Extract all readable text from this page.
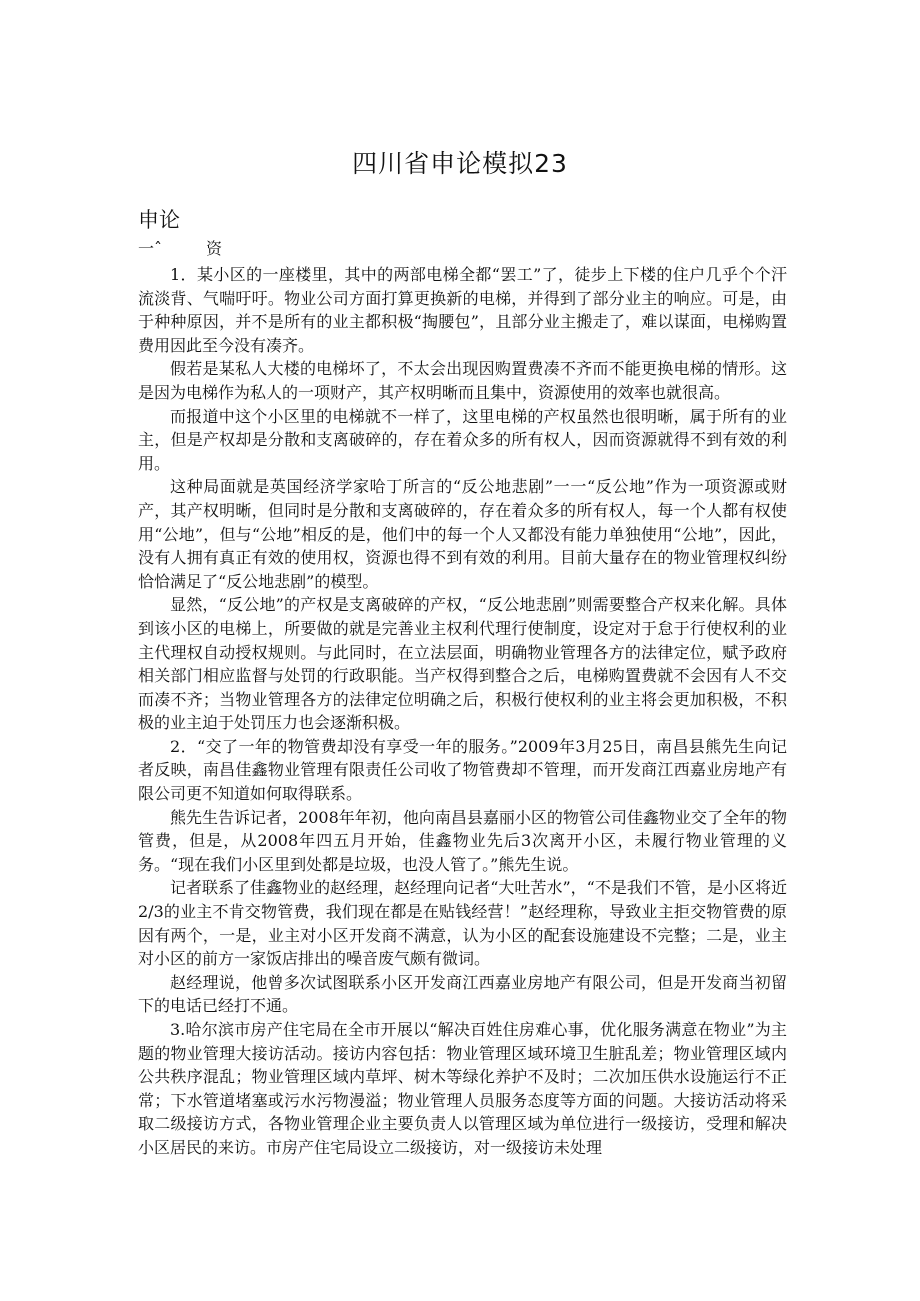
四川省申论模拟23
申论
一ˆ	资

1．某小区的一座楼里，其中的两部电梯全都“罢工”了，徒步上下楼的住户几乎个个汗流淡背、气喘吁吁。物业公司方面打算更换新的电梯，并得到了部分业主的响应。可是，由于种种原因，并不是所有的业主都积极“掏腰包”，且部分业主搬走了，难以谋面，电梯购置费用因此至今没有凑齐。

假若是某私人大楼的电梯坏了，不太会出现因购置费凑不齐而不能更换电梯的情形。这是因为电梯作为私人的一项财产，其产权明晰而且集中，资源使用的效率也就很高。

而报道中这个小区里的电梯就不一样了，这里电梯的产权虽然也很明晰，属于所有的业主，但是产权却是分散和支离破碎的，存在着众多的所有权人，因而资源就得不到有效的利用。

这种局面就是英国经济学家哈丁所言的“反公地悲剧”一一“反公地”作为一项资源或财产，其产权明晰，但同时是分散和支离破碎的，存在着众多的所有权人，每一个人都有权使用“公地”，但与“公地”相反的是，他们中的每一个人又都没有能力单独使用“公地”，因此，没有人拥有真正有效的使用权，资源也得不到有效的利用。目前大量存在的物业管理权纠纷恰恰满足了“反公地悲剧”的模型。

显然，“反公地”的产权是支离破碎的产权，“反公地悲剧”则需要整合产权来化解。具体到该小区的电梯上，所要做的就是完善业主权利代理行使制度，设定对于怠于行使权利的业主代理权自动授权规则。与此同时，在立法层面，明确物业管理各方的法律定位，赋予政府相关部门相应监督与处罚的行政职能。当产权得到整合之后，电梯购置费就不会因有人不交而凑不齐；当物业管理各方的法律定位明确之后，积极行使权利的业主将会更加积极，不积极的业主迫于处罚压力也会逐渐积极。

2．“交了一年的物管费却没有享受一年的服务。”2009年3月25日，南昌县熊先生向记者反映，南昌佳鑫物业管理有限责任公司收了物管费却不管理，而开发商江西嘉业房地产有限公司更不知道如何取得联系。

熊先生告诉记者，2008年年初，他向南昌县嘉丽小区的物管公司佳鑫物业交了全年的物管费，但是，从2008年四五月开始，佳鑫物业先后3次离开小区，未履行物业管理的义务。“现在我们小区里到处都是垃圾，也没人管了。”熊先生说。

记者联系了佳鑫物业的赵经理，赵经理向记者“大吐苦水”，“不是我们不管，是小区将近2/3的业主不肯交物管费，我们现在都是在贴钱经营！”赵经理称，导致业主拒交物管费的原因有两个，一是，业主对小区开发商不满意，认为小区的配套设施建设不完整；二是，业主对小区的前方一家饭店排出的噪音废气颇有微词。

赵经理说，他曾多次试图联系小区开发商江西嘉业房地产有限公司，但是开发商当初留下的电话已经打不通。

3.哈尔滨市房产住宅局在全市开展以“解决百姓住房难心事，优化服务满意在物业”为主题的物业管理大接访活动。接访内容包括：物业管理区域环境卫生脏乱差；物业管理区域内公共秩序混乱；物业管理区域内草坪、树木等绿化养护不及时；二次加压供水设施运行不正常；下水管道堵塞或污水污物漫溢；物业管理人员服务态度等方面的问题。大接访活动将采取二级接访方式，各物业管理企业主要负责人以管理区域为单位进行一级接访，受理和解决小区居民的来访。市房产住宅局设立二级接访，对一级接访未处理
